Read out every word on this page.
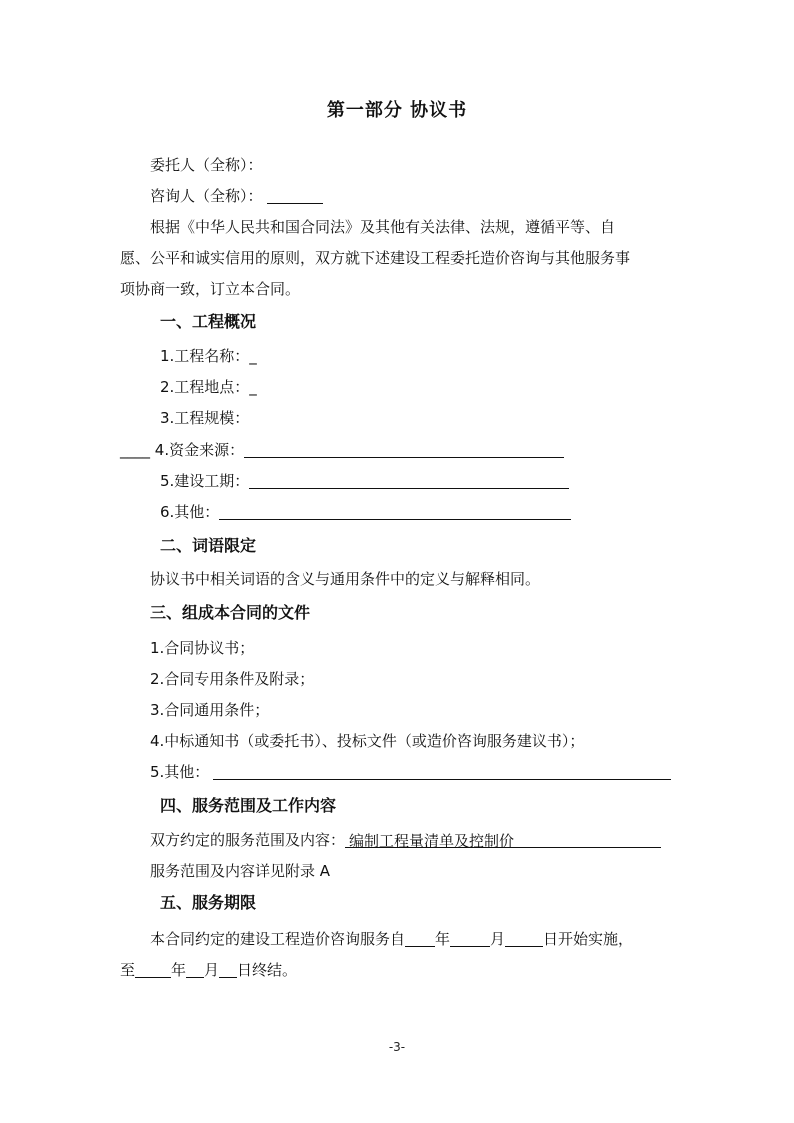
第一部分 协议书
委托人（全称）：
咨询人（全称）：
根据《中华人民共和国合同法》及其他有关法律、法规，遵循平等、自
愿、公平和诚实信用的原则，双方就下述建设工程委托造价咨询与其他服务事
项协商一致，订立本合同。
一、工程概况
1.工程名称：_
2.工程地点：_
3.工程规模：
____ 4.资金来源：
5.建设工期：
6.其他：
二、词语限定
协议书中相关词语的含义与通用条件中的定义与解释相同。
三、组成本合同的文件
1.合同协议书；
2.合同专用条件及附录；
3.合同通用条件；
4.中标通知书（或委托书）、投标文件（或造价咨询服务建议书）；
5.其他：
四、服务范围及工作内容
双方约定的服务范围及内容： 编制工程量清单及控制价
服务范围及内容详见附录 A
五、服务期限
本合同约定的建设工程造价咨询服务自 年	月	日开始实施，
至 年 月 日终结。
-3-
